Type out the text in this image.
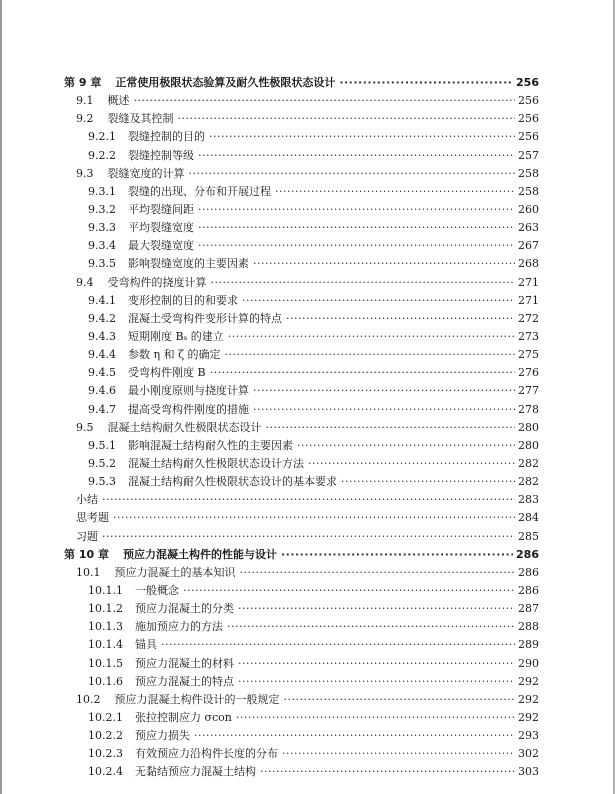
第 9 章 正常使用极限状态验算及耐久性极限状态设计 ·····	256
9.1 概述 ·····	256
9.2 裂缝及其控制 ·····	256
9.2.1 裂缝控制的目的 ·····	256
9.2.2 裂缝控制等级 ·····	257
9.3 裂缝宽度的计算 ·····	258
9.3.1 裂缝的出现、分布和开展过程 ·····	258
9.3.2 平均裂缝间距 ·····	260
9.3.3 平均裂缝宽度 ·····	263
9.3.4 最大裂缝宽度 ·····	267
9.3.5 影响裂缝宽度的主要因素 ·····	268
9.4 受弯构件的挠度计算 ·····	271
9.4.1 变形控制的目的和要求 ·····	271
9.4.2 混凝土受弯构件变形计算的特点 ·····	272
9.4.3 短期刚度 Bₛ 的建立 ·····	273
9.4.4 参数 η 和 ζ 的确定 ·····	275
9.4.5 受弯构件刚度 B ·····	276
9.4.6 最小刚度原则与挠度计算 ·····	277
9.4.7 提高受弯构件刚度的措施 ·····	278
9.5 混凝土结构耐久性极限状态设计 ·····	280
9.5.1 影响混凝土结构耐久性的主要因素 ·····	280
9.5.2 混凝土结构耐久性极限状态设计方法 ·····	282
9.5.3 混凝土结构耐久性极限状态设计的基本要求 ·····	282
小结 ·····	283
思考题 ·····	284
习题 ·····	285
第 10 章 预应力混凝土构件的性能与设计 ·····	286
10.1 预应力混凝土的基本知识 ·····	286
10.1.1 一般概念 ·····	286
10.1.2 预应力混凝土的分类 ·····	287
10.1.3 施加预应力的方法 ·····	288
10.1.4 锚具 ·····	289
10.1.5 预应力混凝土的材料 ·····	290
10.1.6 预应力混凝土的特点 ·····	292
10.2 预应力混凝土构件设计的一般规定 ·····	292
10.2.1 张拉控制应力 σcon ·····	292
10.2.2 预应力损失 ·····	293
10.2.3 有效预应力沿构件长度的分布 ·····	302
10.2.4 无黏结预应力混凝土结构 ·····	303
